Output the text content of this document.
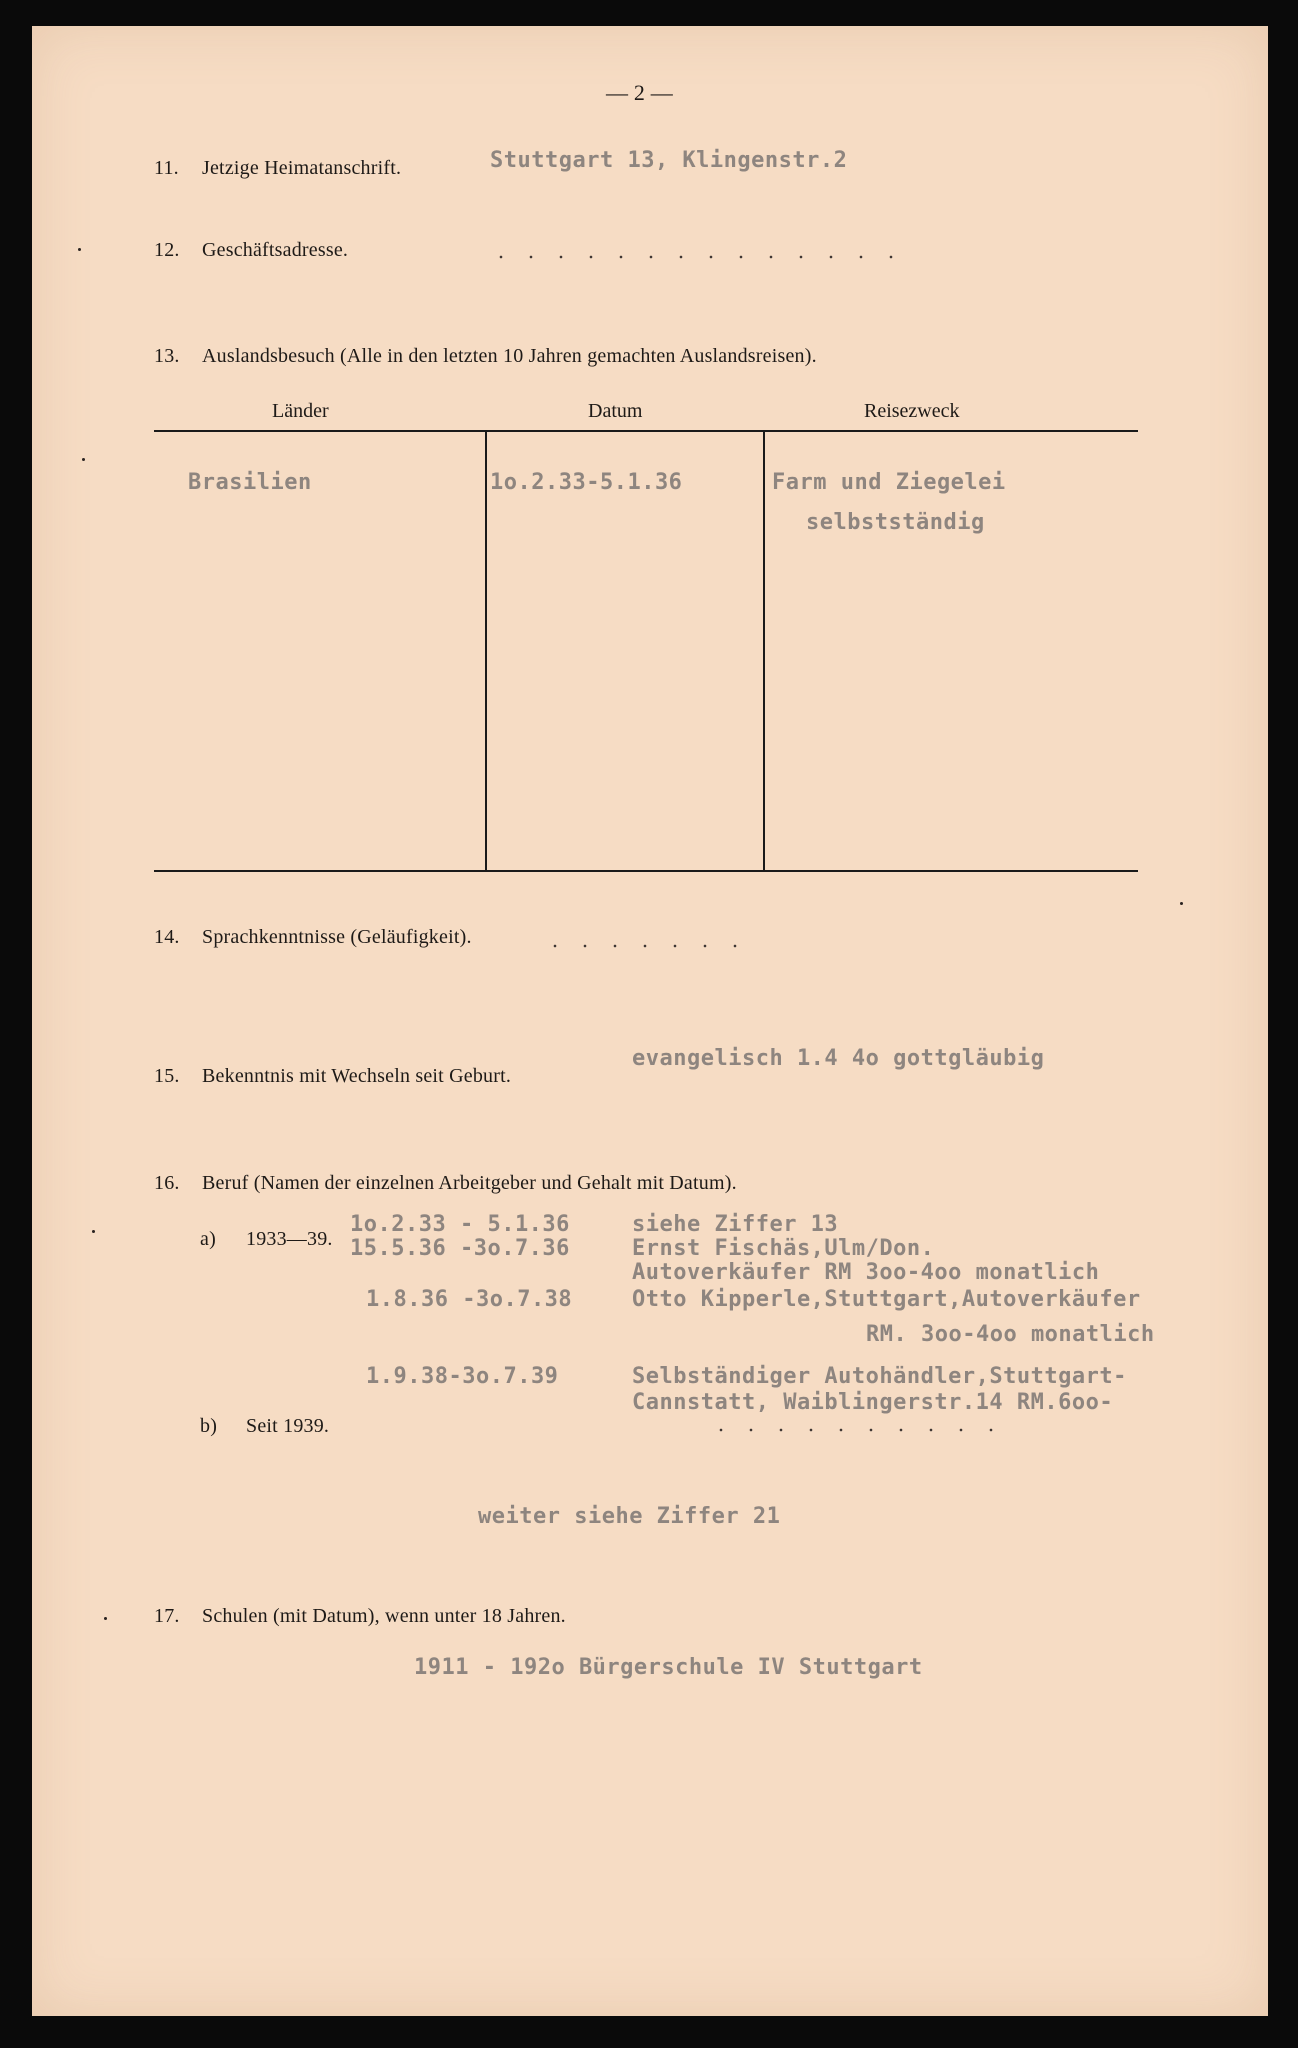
— 2 —
11. Jetzige Heimatanschrift.	Stuttgart 13, Klingenstr.2
12. Geschäftsadresse.
13. Auslandsbesuch (Alle in den letzten 10 Jahren gemachten Auslandsreisen).
Länder	Datum	Reisezweck
Brasilien	1o.2.33-5.1.36	Farm und Ziegelei
selbstständig
14. Sprachkenntnisse (Geläufigkeit).
15. Bekenntnis mit Wechseln seit Geburt.
evangelisch 1.4 4o gottgläubig
16. Beruf (Namen der einzelnen Arbeitgeber und Gehalt mit Datum).
a) 1933—39.
1o.2.33 - 5.1.36	siehe Ziffer 13
15.5.36 -3o.7.36	Ernst Fischäs,Ulm/Don.
Autoverkäufer RM 3oo-4oo monatlich
1.8.36 -3o.7.38	Otto Kipperle,Stuttgart,Autoverkäufer
RM. 3oo-4oo monatlich
1.9.38-3o.7.39	Selbständiger Autohändler,Stuttgart-
Cannstatt, Waiblingerstr.14 RM.6oo-
b) Seit 1939.
weiter siehe Ziffer 21
17. Schulen (mit Datum), wenn unter 18 Jahren.
1911 - 192o Bürgerschule IV Stuttgart
